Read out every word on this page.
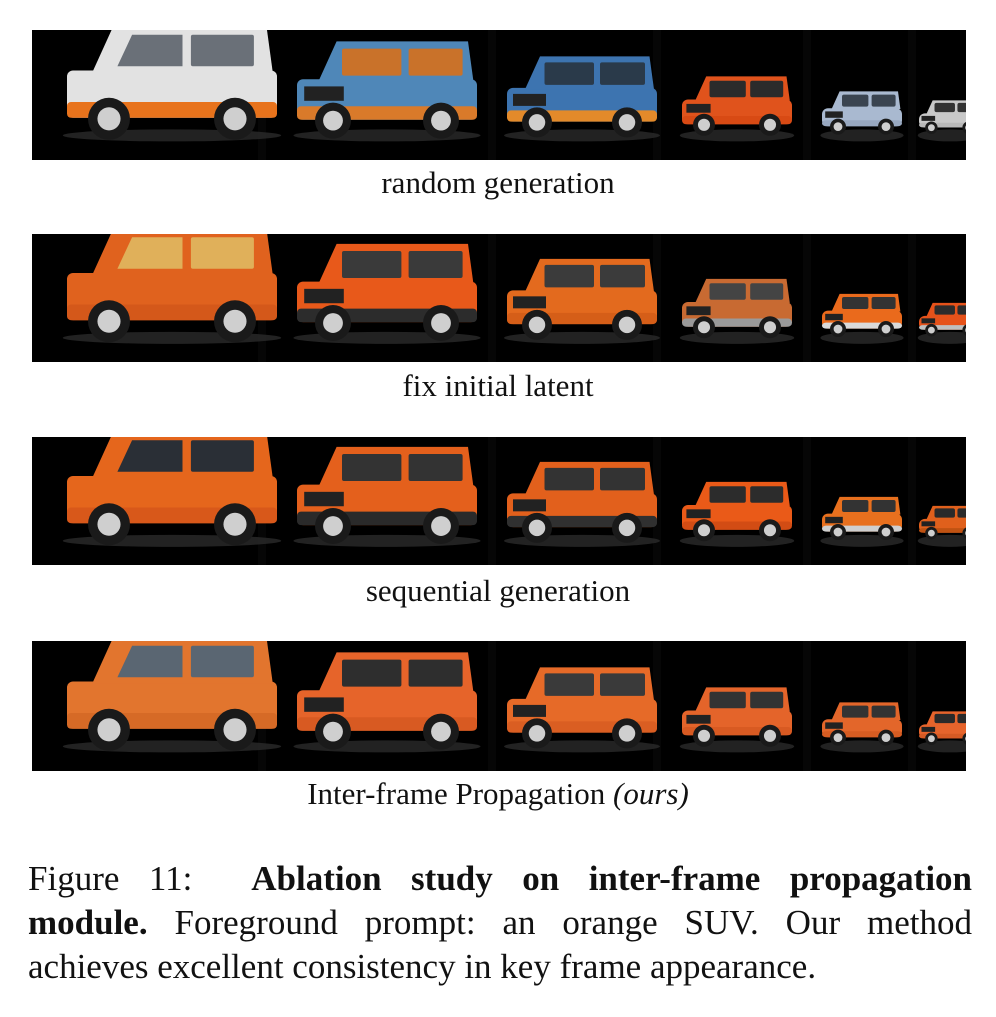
random generation
fix initial latent
sequential generation
Inter-frame Propagation (ours)
Figure 11: Ablation study on inter-frame propagation
module. Foreground prompt: an orange SUV. Our method
achieves excellent consistency in key frame appearance.
